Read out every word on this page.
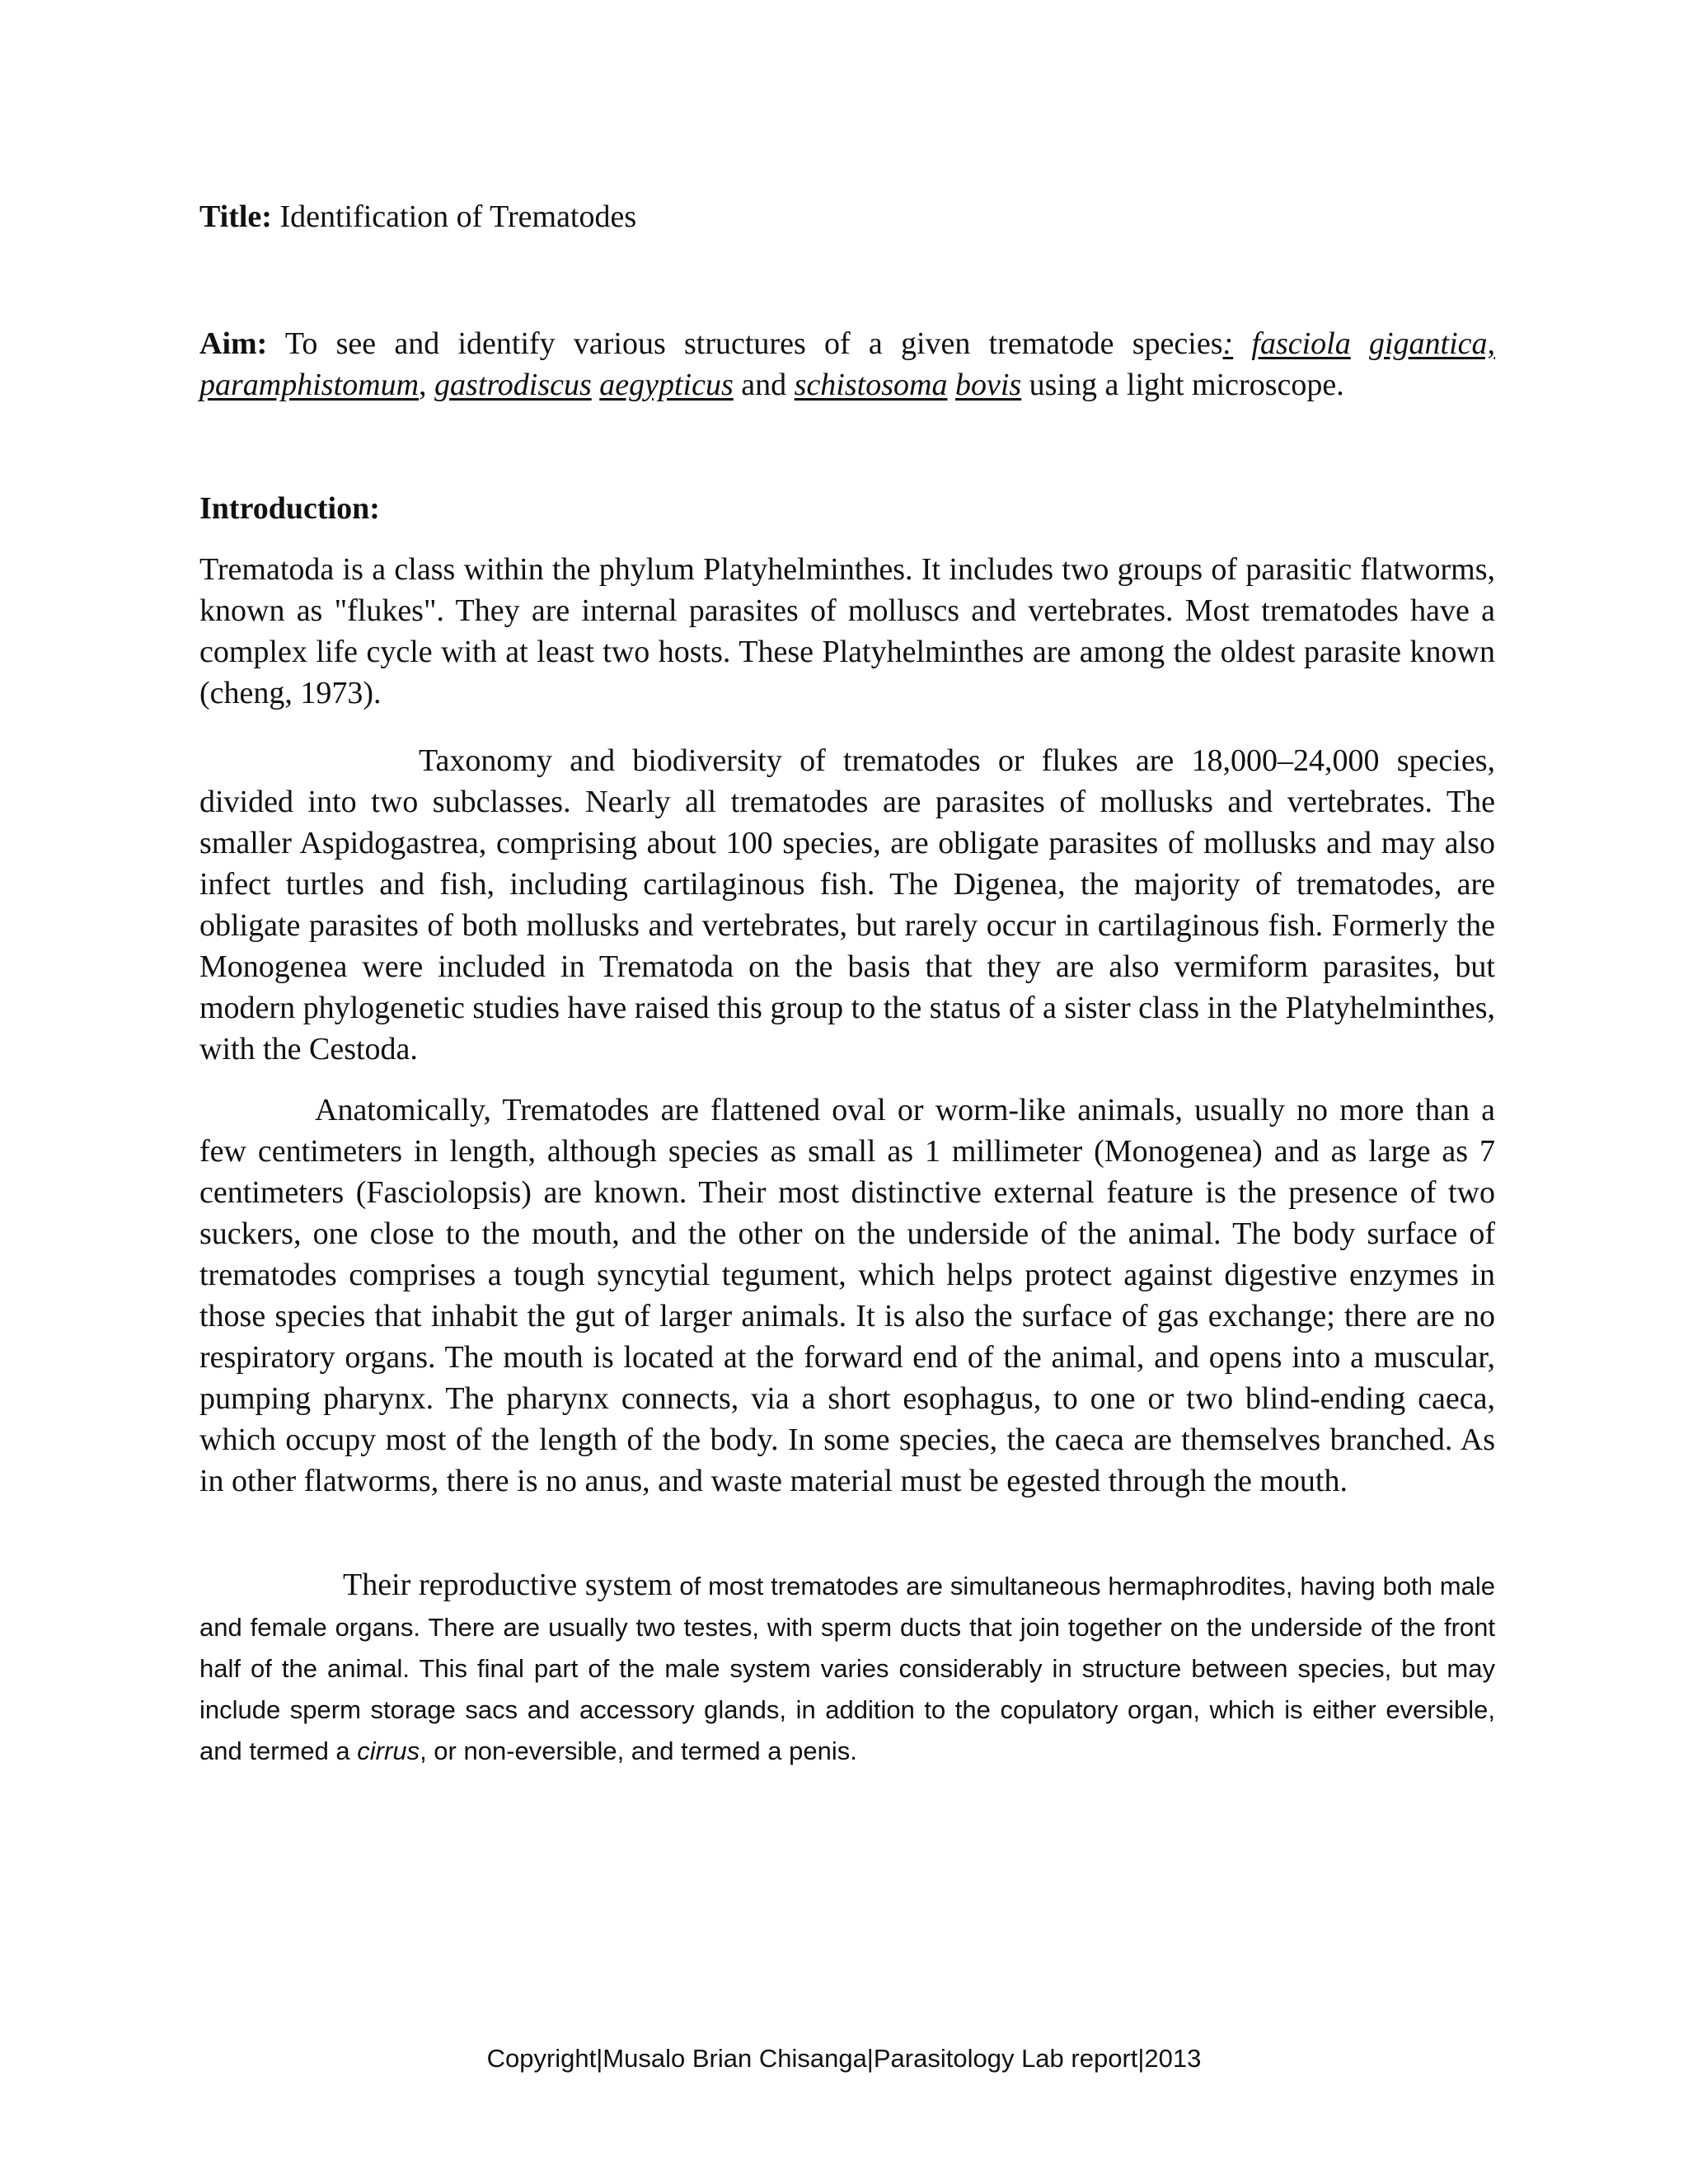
Title: Identification of Trematodes

Aim: To see and identify various structures of a given trematode species: fasciola gigantica, paramphistomum, gastrodiscus aegypticus and schistosoma bovis using a light microscope.

Introduction:

Trematoda is a class within the phylum Platyhelminthes. It includes two groups of parasitic flatworms, known as "flukes". They are internal parasites of molluscs and vertebrates. Most trematodes have a complex life cycle with at least two hosts. These Platyhelminthes are among the oldest parasite known (cheng, 1973).

Taxonomy and biodiversity of trematodes or flukes are 18,000–24,000 species, divided into two subclasses. Nearly all trematodes are parasites of mollusks and vertebrates. The smaller Aspidogastrea, comprising about 100 species, are obligate parasites of mollusks and may also infect turtles and fish, including cartilaginous fish. The Digenea, the majority of trematodes, are obligate parasites of both mollusks and vertebrates, but rarely occur in cartilaginous fish. Formerly the Monogenea were included in Trematoda on the basis that they are also vermiform parasites, but modern phylogenetic studies have raised this group to the status of a sister class in the Platyhelminthes, with the Cestoda.

Anatomically, Trematodes are flattened oval or worm-like animals, usually no more than a few centimeters in length, although species as small as 1 millimeter (Monogenea) and as large as 7 centimeters (Fasciolopsis) are known. Their most distinctive external feature is the presence of two suckers, one close to the mouth, and the other on the underside of the animal. The body surface of trematodes comprises a tough syncytial tegument, which helps protect against digestive enzymes in those species that inhabit the gut of larger animals. It is also the surface of gas exchange; there are no respiratory organs. The mouth is located at the forward end of the animal, and opens into a muscular, pumping pharynx. The pharynx connects, via a short esophagus, to one or two blind-ending caeca, which occupy most of the length of the body. In some species, the caeca are themselves branched. As in other flatworms, there is no anus, and waste material must be egested through the mouth.

Their reproductive system of most trematodes are simultaneous hermaphrodites, having both male and female organs. There are usually two testes, with sperm ducts that join together on the underside of the front half of the animal. This final part of the male system varies considerably in structure between species, but may include sperm storage sacs and accessory glands, in addition to the copulatory organ, which is either eversible, and termed a cirrus, or non-eversible, and termed a penis.

Copyright|Musalo Brian Chisanga|Parasitology Lab report|2013
